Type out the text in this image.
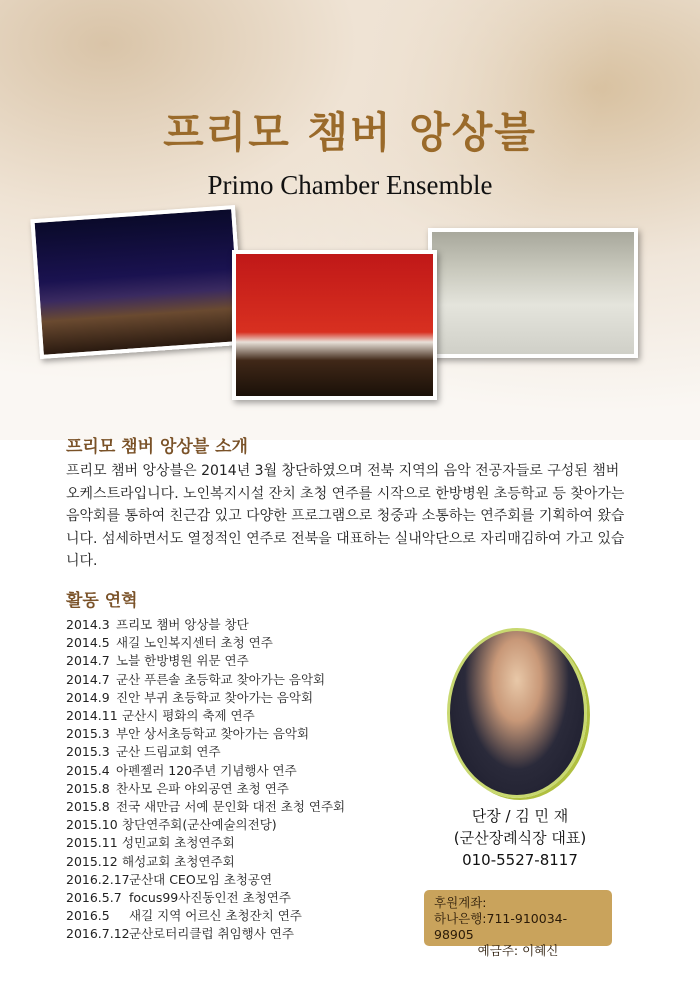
프리모 챔버 앙상블
Primo Chamber Ensemble
프리모 챔버 앙상블 소개
프리모 챔버 앙상블은 2014년 3월 창단하였으며 전북 지역의 음악 전공자들로 구성된 챔버 오케스트라입니다. 노인복지시설 잔치 초청 연주를 시작으로 한방병원 초등학교 등 찾아가는음악회를 통하여 친근감 있고 다양한 프로그램으로 청중과 소통하는 연주회를 기획하여 왔습니다. 섬세하면서도 열정적인 연주로 전북을 대표하는 실내악단으로 자리매김하여 가고 있습니다.
활동 연혁
2014.3 프리모 챔버 앙상블 창단
2014.5 새길 노인복지센터 초청 연주
2014.7 노블 한방병원 위문 연주
2014.7 군산 푸른솔 초등학교 찾아가는 음악회
2014.9 진안 부귀 초등학교 찾아가는 음악회
2014.11 군산시 평화의 축제 연주
2015.3 부안 상서초등학교 찾아가는 음악회
2015.3 군산 드림교회 연주
2015.4 아펜젤러 120주년 기념행사 연주
2015.8 찬사모 은파 야외공연 초청 연주
2015.8 전국 새만금 서예 문인화 대전 초청 연주회
2015.10 창단연주회(군산예술의전당)
2015.11 성민교회 초청연주회
2015.12 해성교회 초청연주회
2016.2.17 군산대 CEO모임 초청공연
2016.5.7 focus99사진동인전 초청연주
2016.5	새길 지역 어르신 초청잔치 연주
2016.7.12 군산로터리클럽 취임행사 연주
단장 / 김 민 재
(군산장례식장 대표)
010-5527-8117
후원계좌:
하나은행:711-910034-98905
예금주: 이혜신
